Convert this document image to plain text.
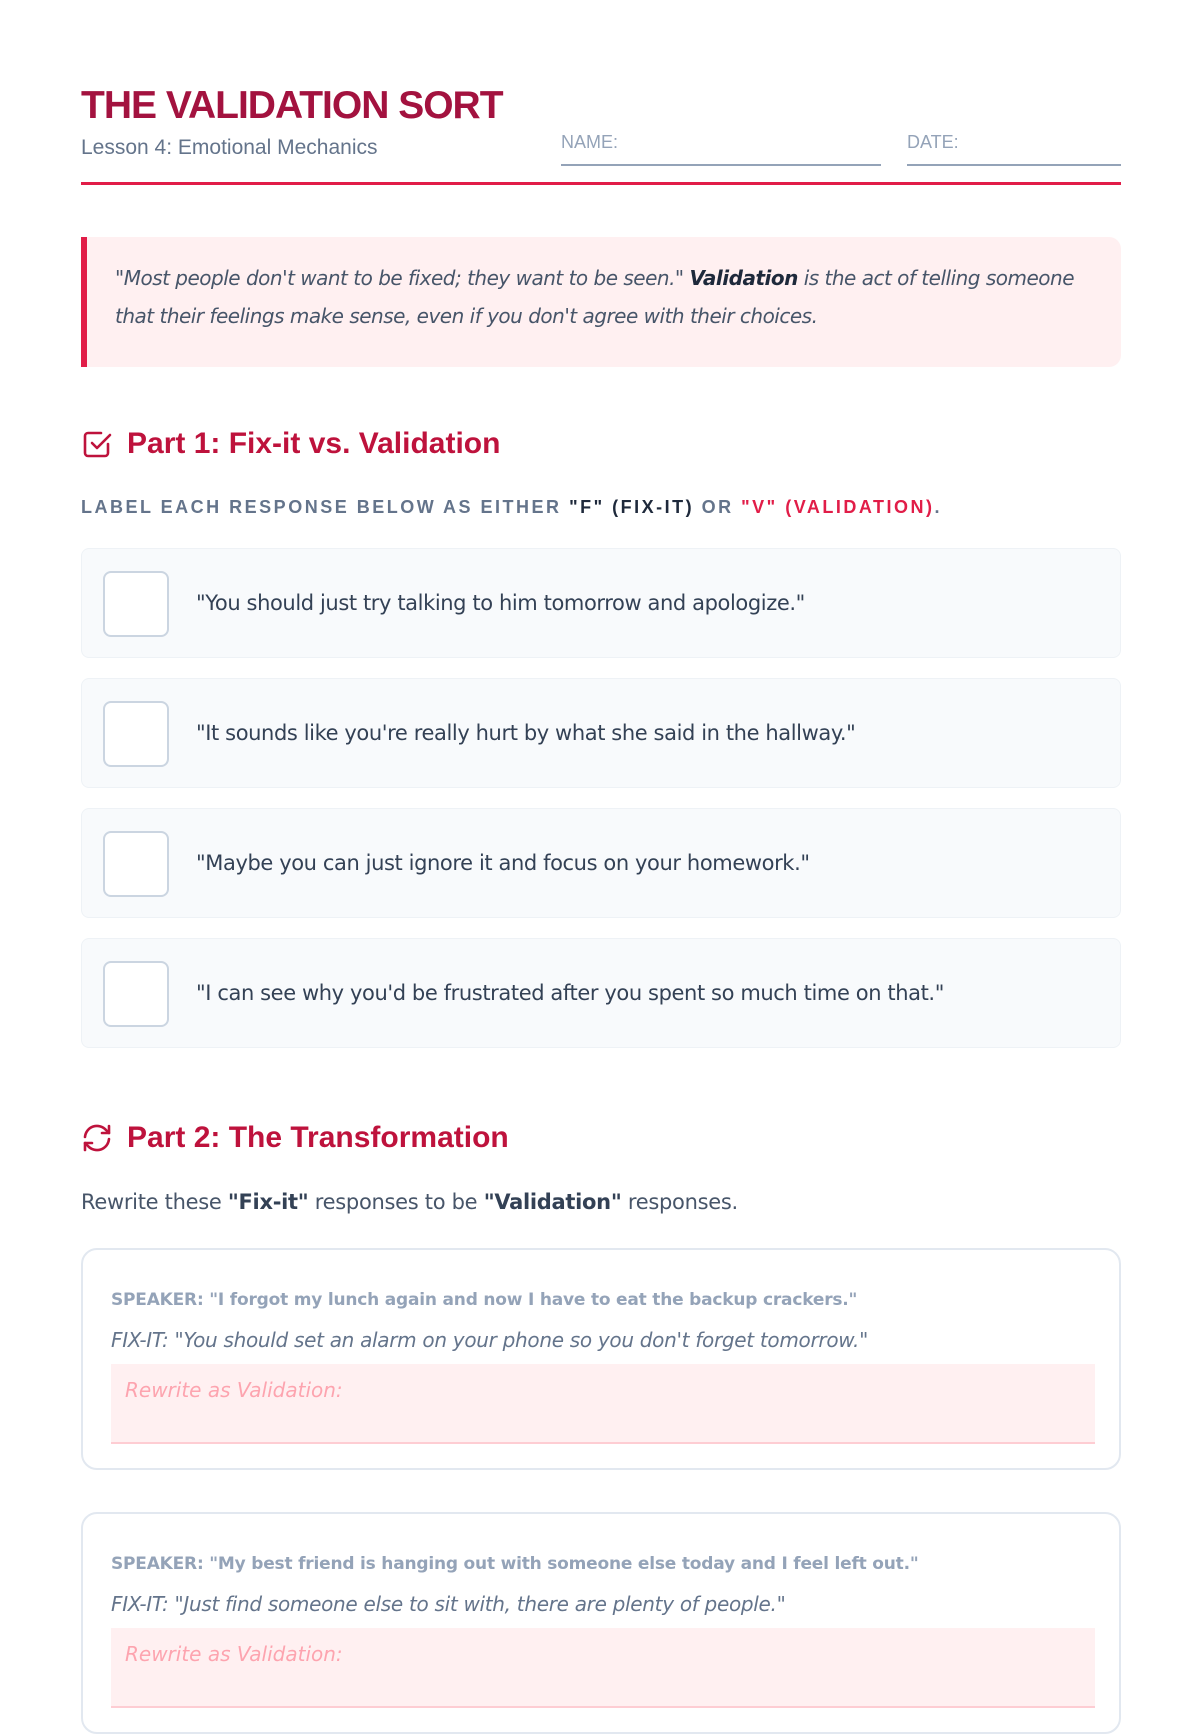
THE VALIDATION SORT
Lesson 4: Emotional Mechanics	NAME:	DATE:

"Most people don't want to be fixed; they want to be seen." Validation is the act of telling someone that their feelings make sense, even if you don't agree with their choices.

Part 1: Fix-it vs. Validation
LABEL EACH RESPONSE BELOW AS EITHER "F" (FIX-IT) OR "V" (VALIDATION).
"You should just try talking to him tomorrow and apologize."
"It sounds like you're really hurt by what she said in the hallway."
"Maybe you can just ignore it and focus on your homework."
"I can see why you'd be frustrated after you spent so much time on that."
Part 2: The Transformation
Rewrite these "Fix-it" responses to be "Validation" responses.
SPEAKER: "I forgot my lunch again and now I have to eat the backup crackers."
FIX-IT: "You should set an alarm on your phone so you don't forget tomorrow."
Rewrite as Validation:
SPEAKER: "My best friend is hanging out with someone else today and I feel left out."
FIX-IT: "Just find someone else to sit with, there are plenty of people."
Rewrite as Validation:
